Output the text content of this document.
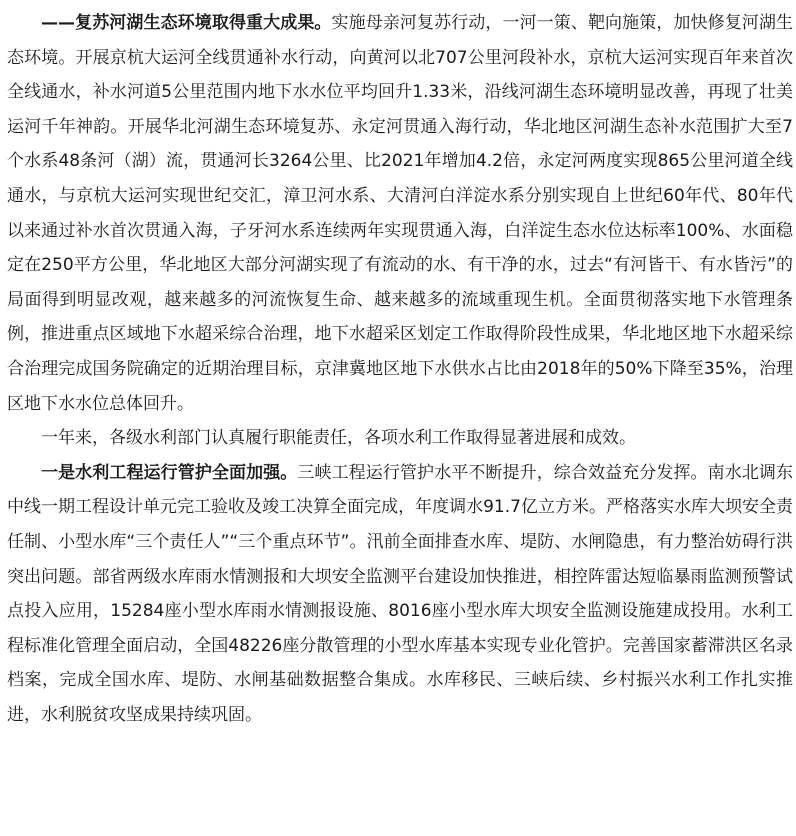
——复苏河湖生态环境取得重大成果。实施母亲河复苏行动，一河一策、靶向施策，加快修复河湖生态环境。开展京杭大运河全线贯通补水行动，向黄河以北707公里河段补水，京杭大运河实现百年来首次全线通水，补水河道5公里范围内地下水水位平均回升1.33米，沿线河湖生态环境明显改善，再现了壮美运河千年神韵。开展华北河湖生态环境复苏、永定河贯通入海行动，华北地区河湖生态补水范围扩大至7个水系48条河（湖）流，贯通河长3264公里、比2021年增加4.2倍，永定河两度实现865公里河道全线通水，与京杭大运河实现世纪交汇，漳卫河水系、大清河白洋淀水系分别实现自上世纪60年代、80年代以来通过补水首次贯通入海，子牙河水系连续两年实现贯通入海，白洋淀生态水位达标率100%、水面稳定在250平方公里，华北地区大部分河湖实现了有流动的水、有干净的水，过去“有河皆干、有水皆污”的局面得到明显改观，越来越多的河流恢复生命、越来越多的流域重现生机。全面贯彻落实地下水管理条例，推进重点区域地下水超采综合治理，地下水超采区划定工作取得阶段性成果，华北地区地下水超采综合治理完成国务院确定的近期治理目标，京津冀地区地下水供水占比由2018年的50%下降至35%，治理区地下水水位总体回升。

一年来，各级水利部门认真履行职能责任，各项水利工作取得显著进展和成效。

一是水利工程运行管护全面加强。三峡工程运行管护水平不断提升，综合效益充分发挥。南水北调东中线一期工程设计单元完工验收及竣工决算全面完成，年度调水91.7亿立方米。严格落实水库大坝安全责任制、小型水库“三个责任人”“三个重点环节”。汛前全面排查水库、堤防、水闸隐患，有力整治妨碍行洪突出问题。部省两级水库雨水情测报和大坝安全监测平台建设加快推进，相控阵雷达短临暴雨监测预警试点投入应用，15284座小型水库雨水情测报设施、8016座小型水库大坝安全监测设施建成投用。水利工程标准化管理全面启动，全国48226座分散管理的小型水库基本实现专业化管护。完善国家蓄滞洪区名录档案，完成全国水库、堤防、水闸基础数据整合集成。水库移民、三峡后续、乡村振兴水利工作扎实推进，水利脱贫攻坚成果持续巩固。
